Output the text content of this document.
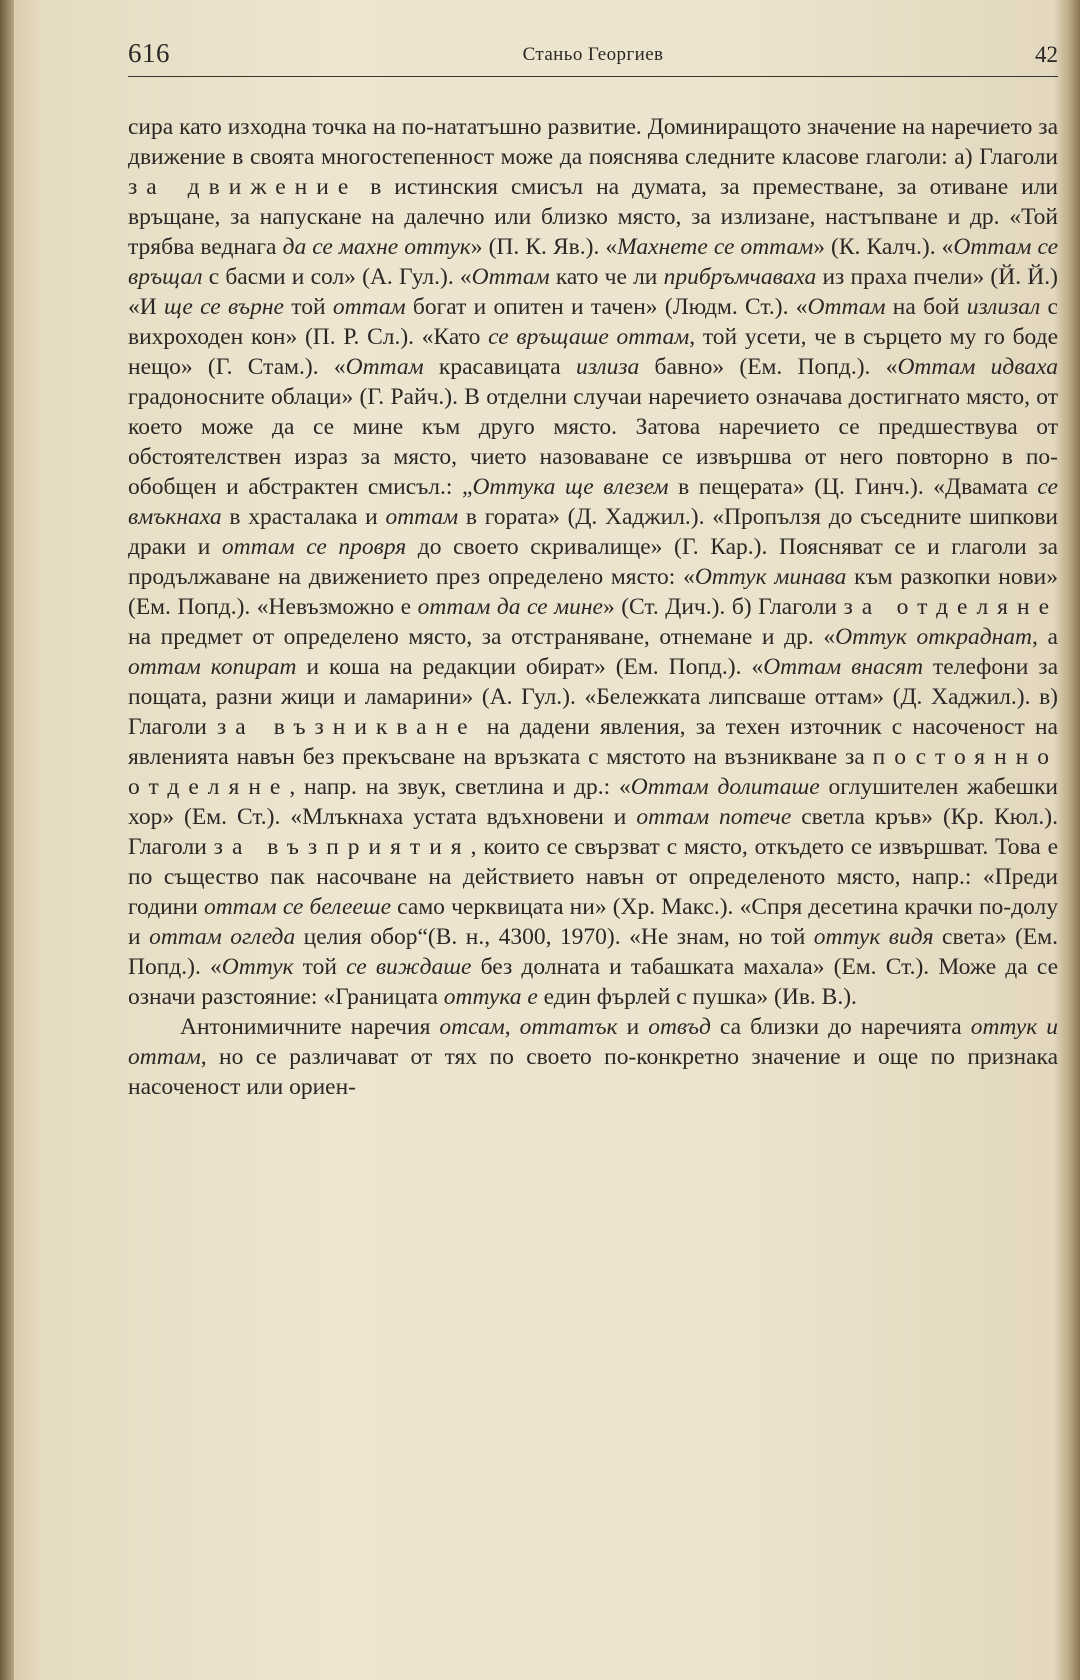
616	Станьо Георгиев	42

сира като изходна точка на по-нататъшно развитие. Доминиращото значение на наречието за движение в своята многостепенност може да пояснява следните класове глаголи: а) Глаголи за движение в истинския смисъл на думата, за преместване, за отиване или връщане, за напускане на далечно или близко място, за излизане, настъпване и др. «Той трябва веднага да се махне оттук» (П. К. Яв.). «Махнете се оттам» (К. Калч.). «Оттам се връщал с басми и сол» (А. Гул.). «Оттам като че ли прибръмчаваха из праха пчели» (Й. Й.) «И ще се върне той оттам богат и опитен и тачен» (Людм. Ст.). «Оттам на бой излизал с вихроходен кон» (П. Р. Сл.). «Като се връщаше оттам, той усети, че в сърцето му го боде нещо» (Г. Стам.). «Оттам красавицата излиза бавно» (Ем. Попд.). «Оттам идваха градоносните облаци» (Г. Райч.). В отделни случаи наречието означава достигнато място, от което може да се мине към друго място. Затова наречието се предшествува от обстоятелствен израз за място, чието назоваване се извършва от него повторно в по-обобщен и абстрактен смисъл.: „Оттука ще влезем в пещерата» (Ц. Гинч.). «Двамата се вмъкнаха в храсталака и оттам в гората» (Д. Хаджил.). «Пропълзя до съседните шипкови драки и оттам се провря до своето скривалище» (Г. Кар.). Поясняват се и глаголи за продължаване на движението през определено място: «Оттук минава към разкопки нови» (Ем. Попд.). «Невъзможно е оттам да се мине» (Ст. Дич.). б) Глаголи за отделяне на предмет от определено място, за отстраняване, отнемане и др. «Оттук откраднат, а оттам копират и коша на редакции обират» (Ем. Попд.). «Оттам внасят телефони за пощата, разни жици и ламарини» (А. Гул.). «Бележката липсваше оттам» (Д. Хаджил.). в) Глаголи за възникване на дадени явления, за техен източник с насоченост на явленията навън без прекъсване на връзката с мястото на възникване за постоянно отделяне, напр. на звук, светлина и др.: «Оттам долиташе оглушителен жабешки хор» (Ем. Ст.). «Млъкнаха устата вдъхновени и оттам потече светла кръв» (Кр. Кюл.). Глаголи за възприятия, които се свързват с място, откъдето се извършват. Това е по същество пак насочване на действието навън от определеното място, напр.: «Преди години оттам се белееше само черквицата ни» (Хр. Макс.). «Спря десетина крачки по-долу и оттам огледа целия обор“(В. н., 4300, 1970). «Не знам, но той оттук видя света» (Ем. Попд.). «Оттук той се виждаше без долната и табашката махала» (Ем. Ст.). Може да се означи разстояние: «Границата оттука е един фърлей с пушка» (Ив. В.).

Антонимичните наречия отсам, оттатък и отвъд са близки до наречията оттук и оттам, но се различават от тях по своето по-конкретно значение и още по признака насоченост или ориен-
